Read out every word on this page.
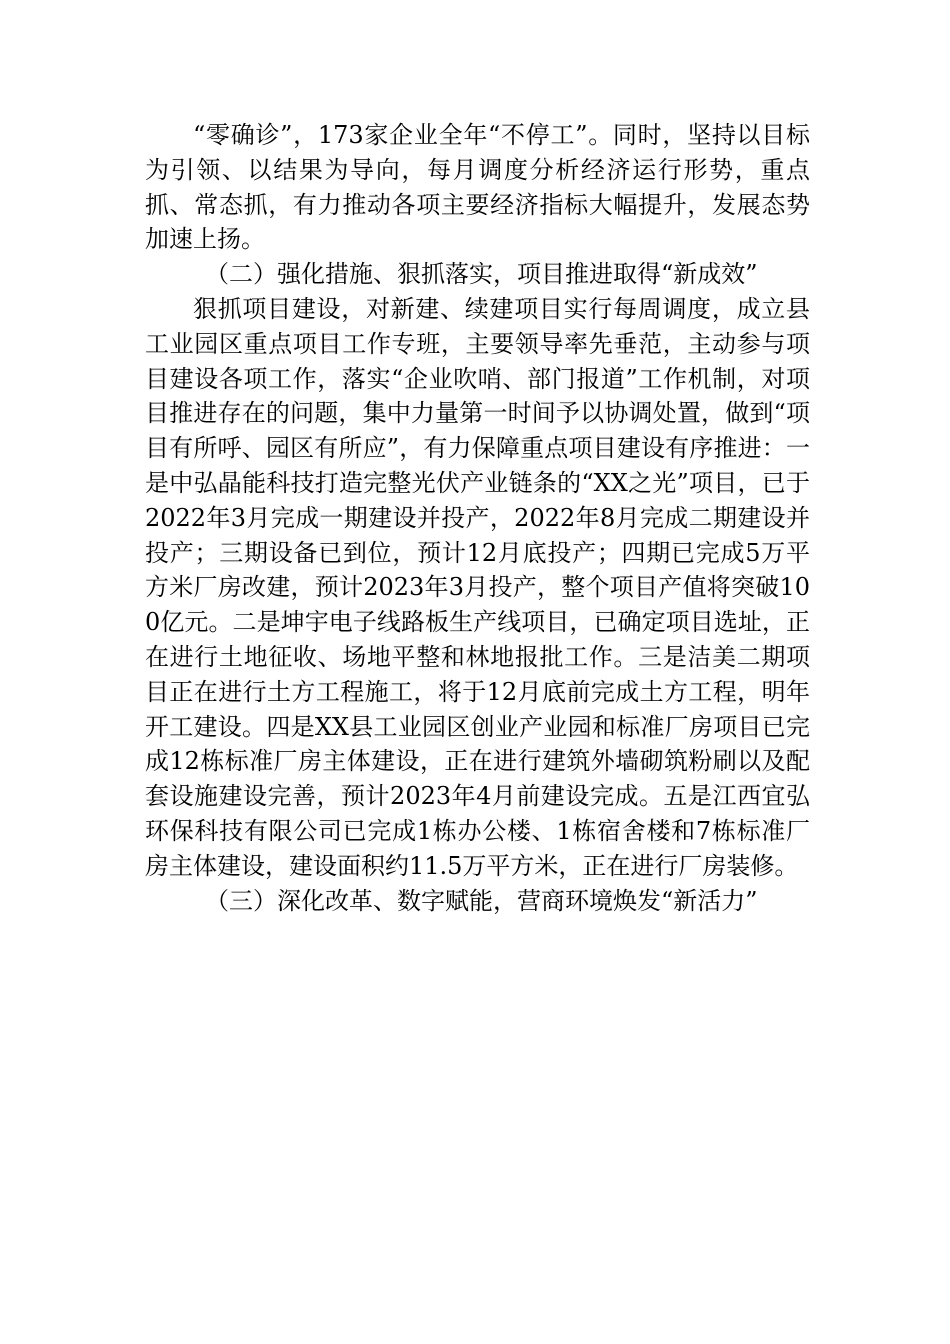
“零确诊”，173家企业全年“不停工”。同时，坚持以目标为引领、以结果为导向，每月调度分析经济运行形势，重点抓、常态抓，有力推动各项主要经济指标大幅提升，发展态势加速上扬。

（二）强化措施、狠抓落实，项目推进取得“新成效”

狠抓项目建设，对新建、续建项目实行每周调度，成立县工业园区重点项目工作专班，主要领导率先垂范，主动参与项目建设各项工作，落实“企业吹哨、部门报道”工作机制，对项目推进存在的问题，集中力量第一时间予以协调处置，做到“项目有所呼、园区有所应”，有力保障重点项目建设有序推进：一是中弘晶能科技打造完整光伏产业链条的“XX之光”项目，已于2022年3月完成一期建设并投产，2022年8月完成二期建设并投产；三期设备已到位，预计12月底投产；四期已完成5万平方米厂房改建，预计2023年3月投产，整个项目产值将突破100亿元。二是坤宇电子线路板生产线项目，已确定项目选址，正在进行土地征收、场地平整和林地报批工作。三是洁美二期项目正在进行土方工程施工，将于12月底前完成土方工程，明年开工建设。四是XX县工业园区创业产业园和标准厂房项目已完成12栋标准厂房主体建设，正在进行建筑外墙砌筑粉刷以及配套设施建设完善，预计2023年4月前建设完成。五是江西宜弘环保科技有限公司已完成1栋办公楼、1栋宿舍楼和7栋标准厂房主体建设，建设面积约11.5万平方米，正在进行厂房装修。

（三）深化改革、数字赋能，营商环境焕发“新活力”
